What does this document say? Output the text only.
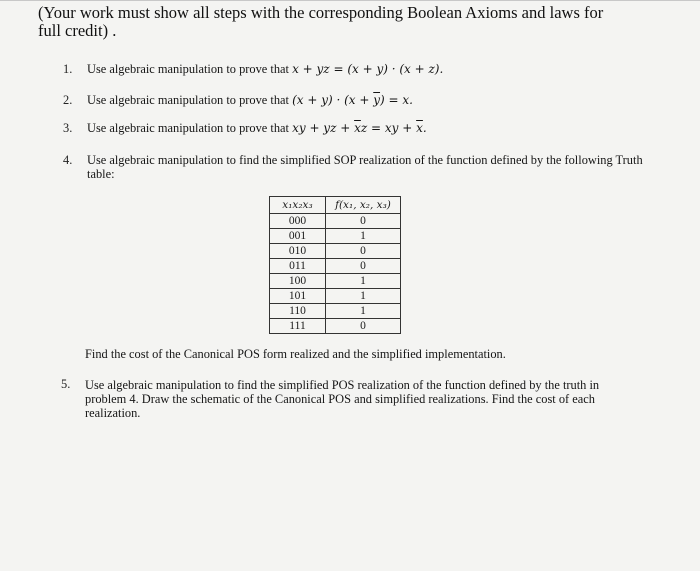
(Your work must show all steps with the corresponding Boolean Axioms and laws for full credit) .
1. Use algebraic manipulation to prove that x + yz = (x + y) · (x + z).
2. Use algebraic manipulation to prove that $(x + y) \cdot (x + \overline{y}) = x$.
3. Use algebraic manipulation to prove that xy + yz + $\overline{x}z$ = xy + $\overline{x}$.
4. Use algebraic manipulation to find the simplified SOP realization of the function defined by the following Truth table:
x₁x₂x₃	f(x₁, x₂, x₃)
000	0
001	1
010	0
011	0
100	1
101	1
110	1
111	0
Find the cost of the Canonical POS form realized and the simplified implementation.
5. Use algebraic manipulation to find the simplified POS realization of the function defined by the truth in problem 4. Draw the schematic of the Canonical POS and simplified realizations. Find the cost of each realization.
